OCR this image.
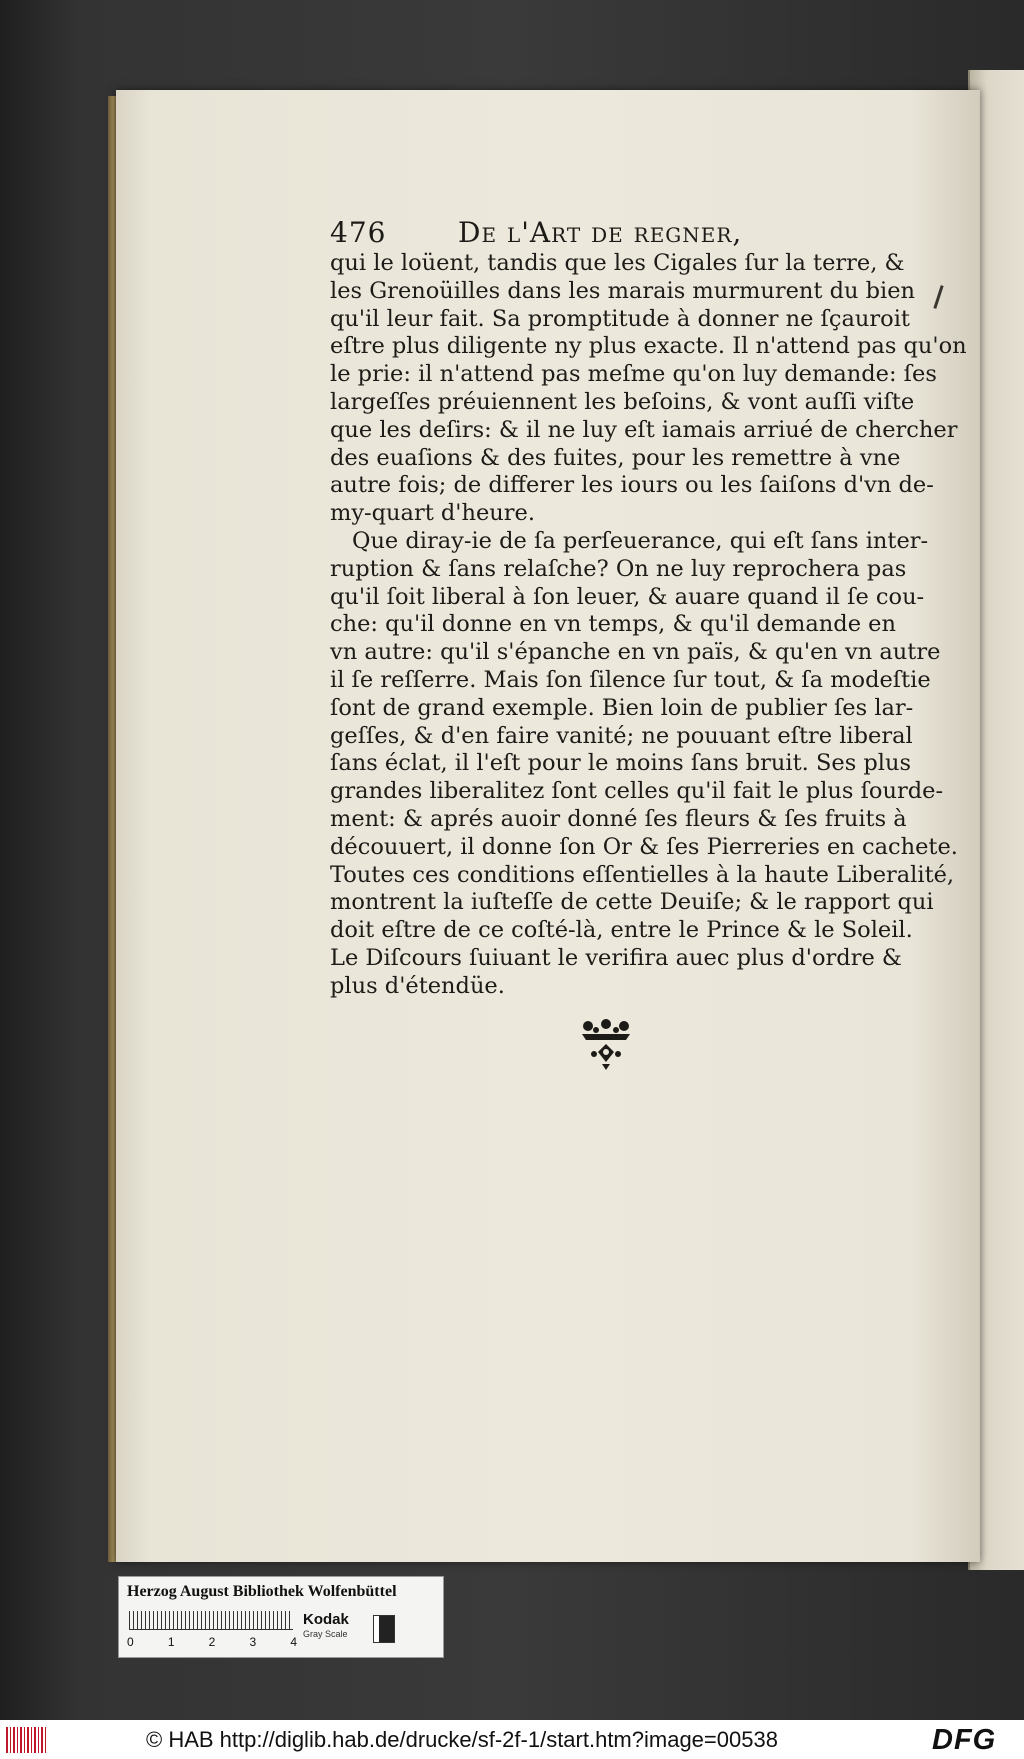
476	De l'Art de regner,
qui le loüent, tandis que les Cigales ſur la terre, &
les Grenoüilles dans les marais murmurent du bien
qu'il leur fait. Sa promptitude à donner ne ſçauroit
eſtre plus diligente ny plus exacte. Il n'attend pas qu'on
le prie: il n'attend pas meſme qu'on luy demande: ſes
largeſſes préuiennent les beſoins, & vont auſſi viſte
que les deſirs: & il ne luy eſt iamais arriué de chercher
des euaſions & des fuites, pour les remettre à vne
autre fois; de differer les iours ou les ſaiſons d'vn de-
my-quart d'heure.
Que diray-ie de ſa perſeuerance, qui eſt ſans inter-
ruption & ſans relaſche? On ne luy reprochera pas
qu'il ſoit liberal à ſon leuer, & auare quand il ſe cou-
che: qu'il donne en vn temps, & qu'il demande en
vn autre: qu'il s'épanche en vn païs, & qu'en vn autre
il ſe reſſerre. Mais ſon ſilence ſur tout, & ſa modeſtie
ſont de grand exemple. Bien loin de publier ſes lar-
geſſes, & d'en faire vanité; ne pouuant eſtre liberal
ſans éclat, il l'eſt pour le moins ſans bruit. Ses plus
grandes liberalitez ſont celles qu'il fait le plus ſourde-
ment: & aprés auoir donné ſes fleurs & ſes fruits à
découuert, il donne ſon Or & ſes Pierreries en cachete.
Toutes ces conditions eſſentielles à la haute Liberalité,
montrent la iuſteſſe de cette Deuiſe; & le rapport qui
doit eſtre de ce coſté-là, entre le Prince & le Soleil.
Le Diſcours ſuiuant le verifira auec plus d'ordre &
plus d'étendüe.
Herzog August Bibliothek Wolfenbüttel
0	1	2	3	4
Kodak
Gray Scale
© HAB http://diglib.hab.de/drucke/sf-2f-1/start.htm?image=00538	DFG
